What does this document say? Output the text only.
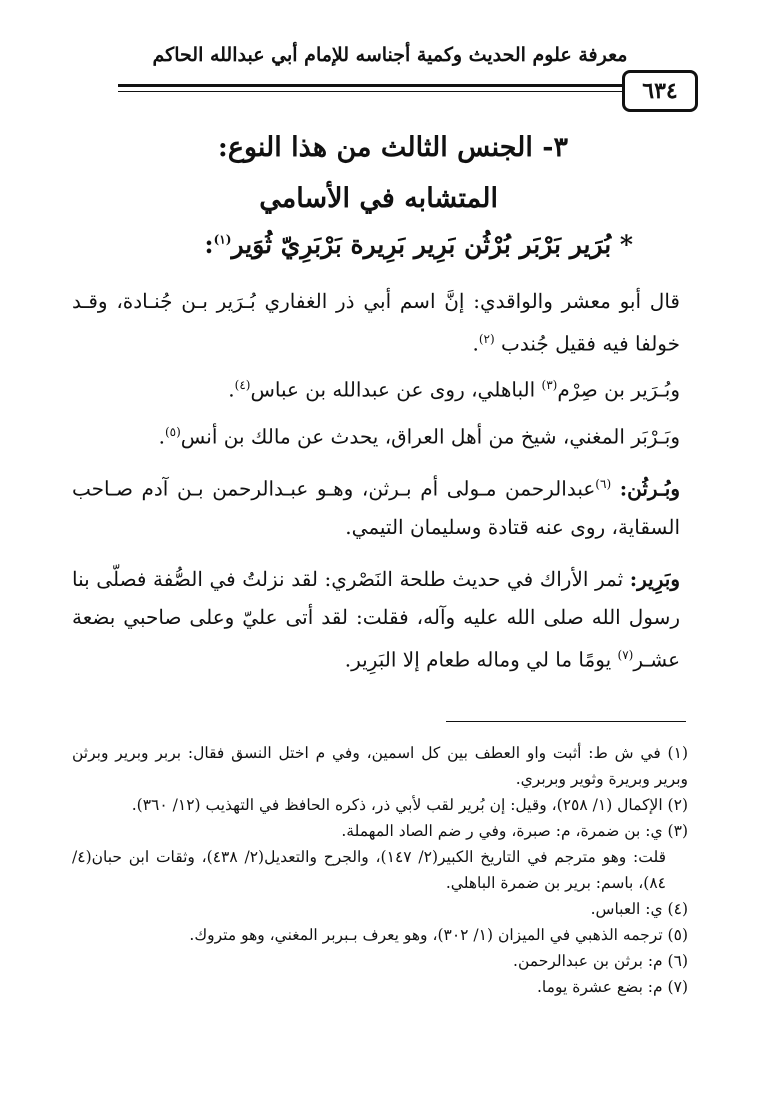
معرفة علوم الحديث وكمية أجناسه للإمام أبي عبدالله الحاكم
٦٣٤
٣- الجنس الثالث من هذا النوع:
المتشابه في الأسامي
* بُرَير بَرْبَر بُرْثُن بَرِير بَرِيرة بَرْبَرِيّ ثُوَير$^{(١)}$:
قال أبو معشر والواقدي: إنَّ اسم أبي ذر الغفاري بُـرَير بـن جُنـادة، وقـد خولفا فيه فقيل جُندب $^{(٢)}$.
وبُـرَير بن صِرْم$^{(٣)}$ الباهلي، روى عن عبدالله بن عباس$^{(٤)}$.
وبَـرْبَر المغني، شيخ من أهل العراق، يحدث عن مالك بن أنس$^{(٥)}$.
وبُـرثُن: $^{(٦)}$عبدالرحمن مـولى أم بـرثن، وهـو عبـدالرحمن بـن آدم صـاحب السقاية، روى عنه قتادة وسليمان التيمي.
وبَرِير: ثمر الأراك في حديث طلحة النَصْري: لقد نزلتُ في الصُّفة فصلّى بنا رسول الله صلى الله عليه وآله، فقلت: لقد أتى عليّ وعلى صاحبي بضعة عشـر$^{(٧)}$ يومًا ما لي وماله طعام إلا البَرِير.

(١) في ش ط: أثبت واو العطف بين كل اسمين، وفي م اختل النسق فقال: بربر وبرير وبرثن وبرير وبريرة وثوير وبربري.

(٢) الإكمال (١/ ٢٥٨)، وقيل: إن بُرير لقب لأبي ذر، ذكره الحافظ في التهذيب (١٢/ ٣٦٠).

(٣) ي: بن ضمرة، م: صبرة، وفي ر ضم الصاد المهملة.

قلت: وهو مترجم في التاريخ الكبير(٢/ ١٤٧)، والجرح والتعديل(٢/ ٤٣٨)، وثقات ابن حبان(٤/ ٨٤)، باسم: برير بن ضمرة الباهلي.

(٤) ي: العباس.

(٥) ترجمه الذهبي في الميزان (١/ ٣٠٢)، وهو يعرف بـبربر المغني، وهو متروك.

(٦) م: برثن بن عبدالرحمن.

(٧) م: بضع عشرة يوما.
